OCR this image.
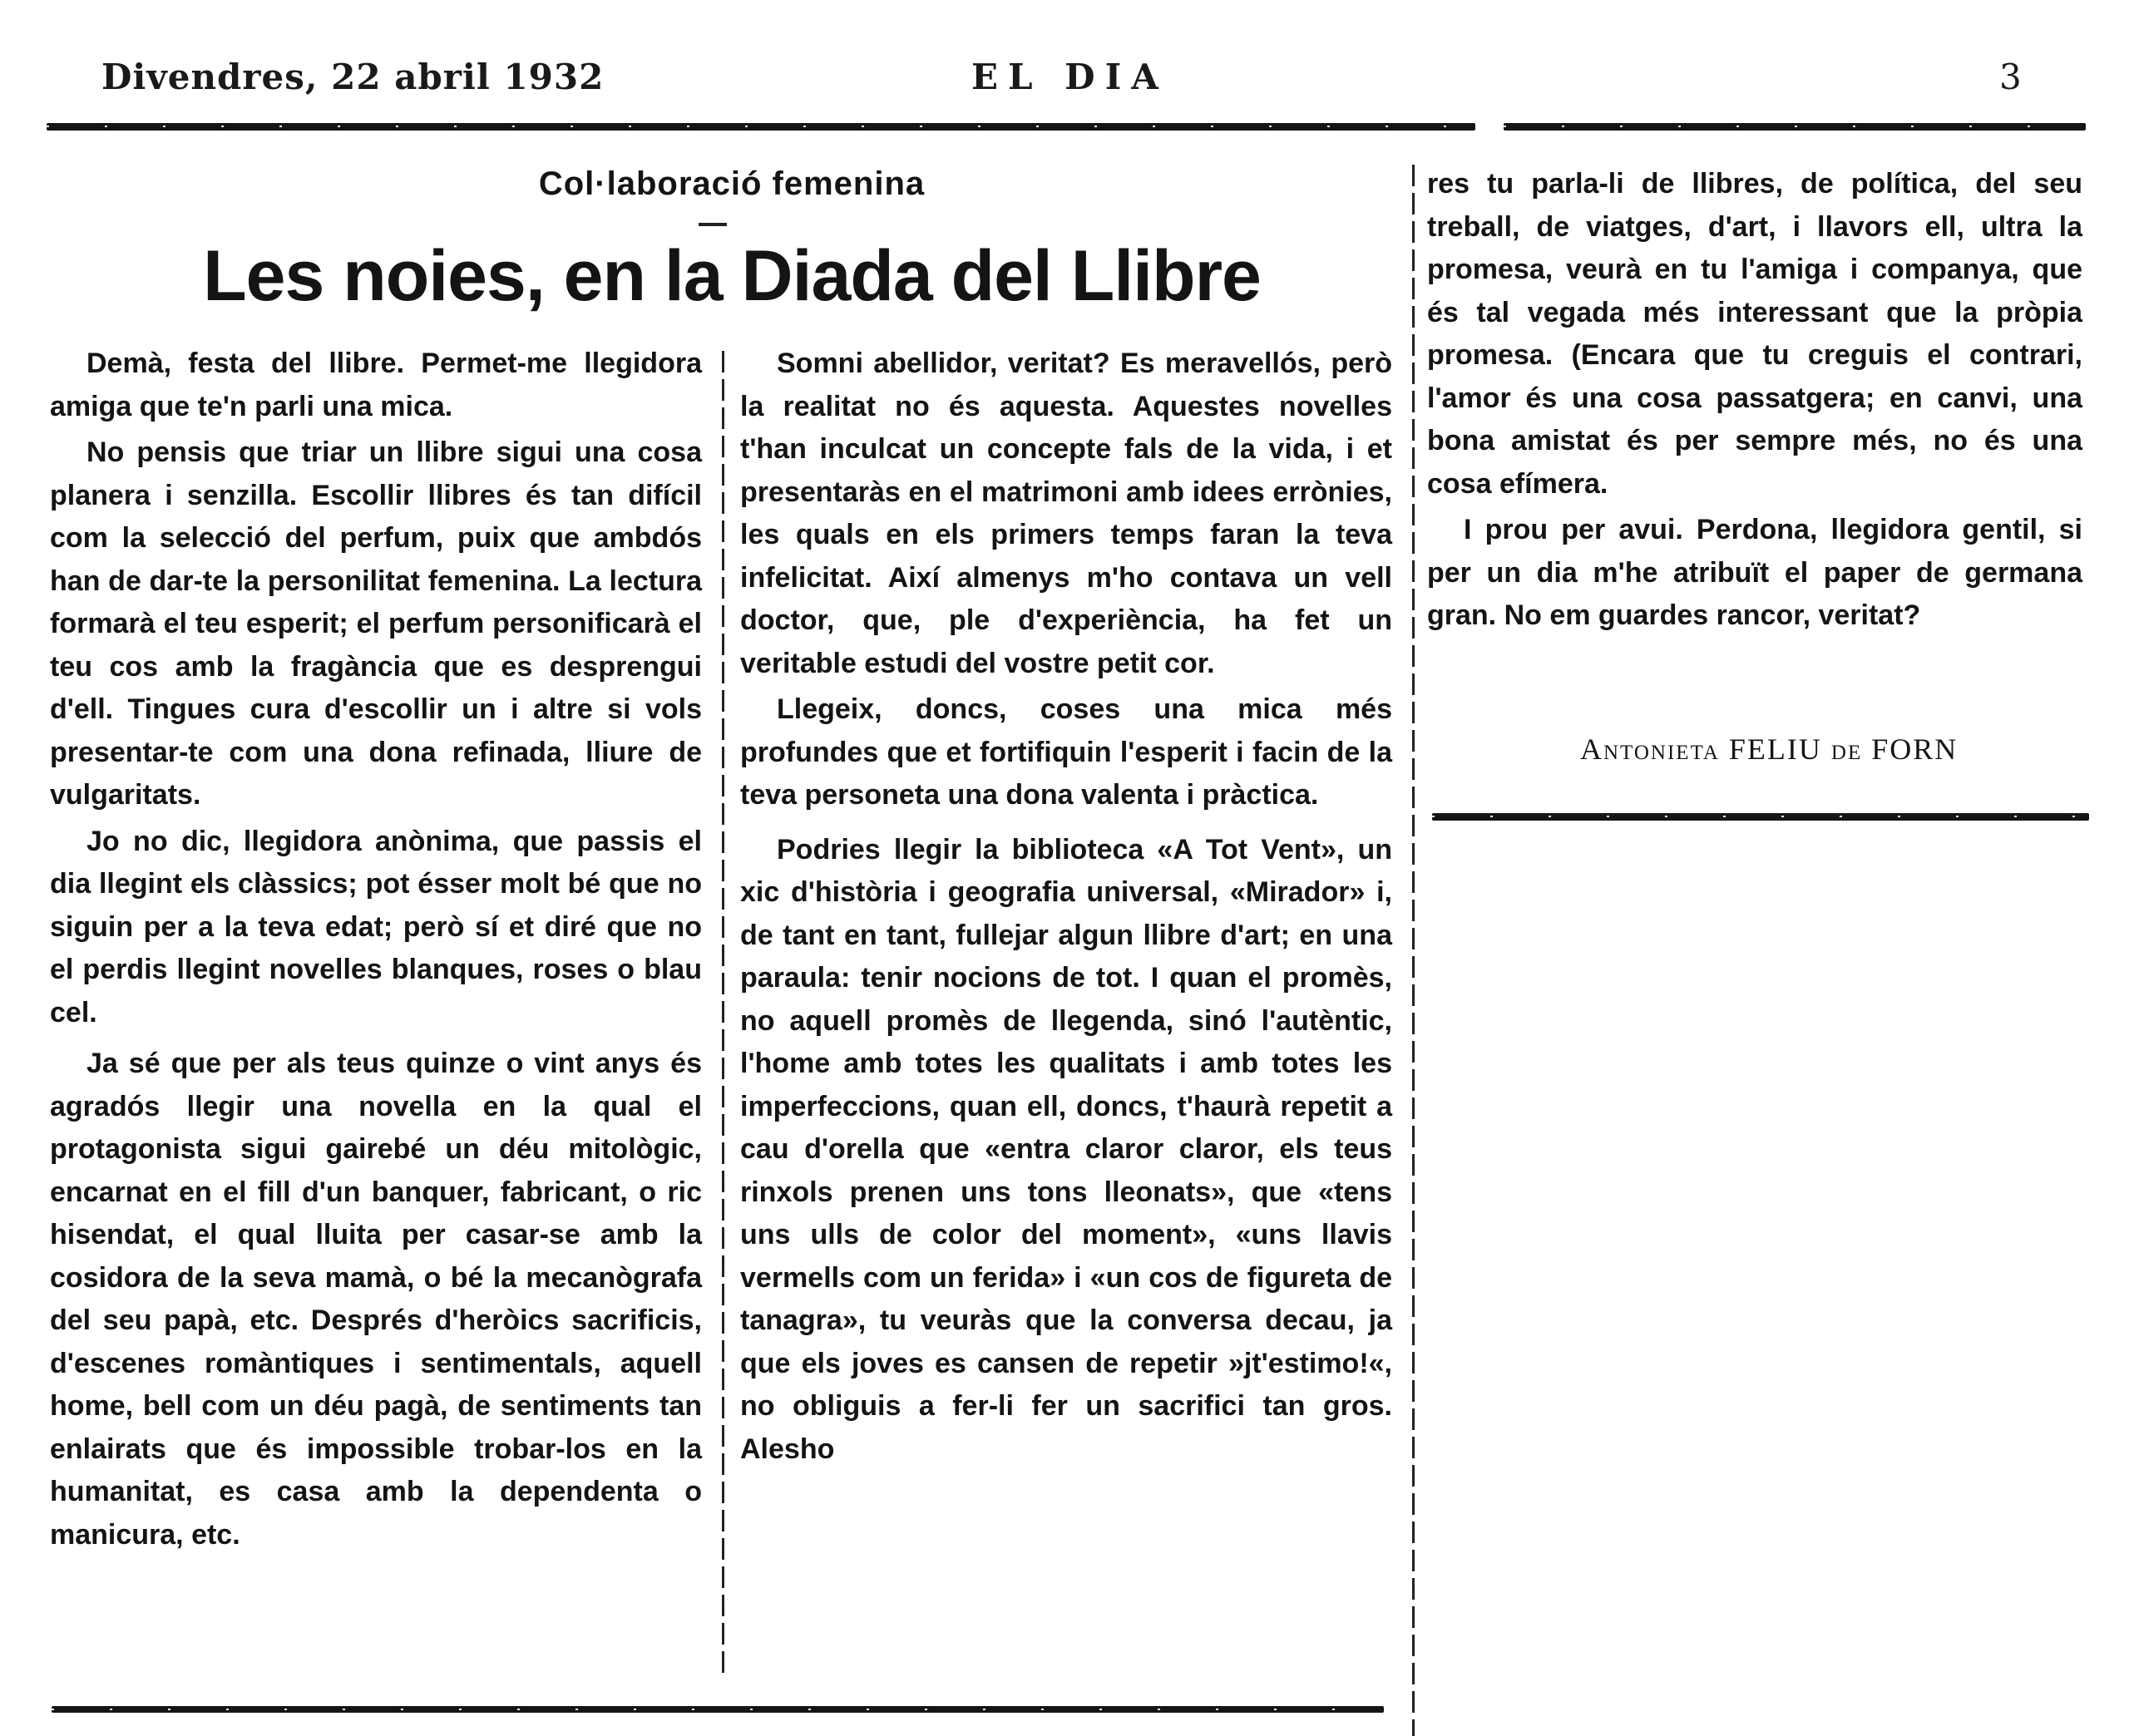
Divendres, 22 abril 1932	EL DIA	3
Col·laboració femenina
Les noies, en la Diada del Llibre

Demà, festa del llibre. Permet-me llegidora amiga que te'n parli una mica.

No pensis que triar un llibre sigui una cosa planera i senzilla. Escollir llibres és tan difícil com la selecció del perfum, puix que ambdós han de dar-te la personilitat femenina. La lectura formarà el teu esperit; el perfum personificarà el teu cos amb la fragància que es desprengui d'ell. Tingues cura d'escollir un i altre si vols presentar-te com una dona refinada, lliure de vulgaritats.

Jo no dic, llegidora anònima, que passis el dia llegint els clàssics; pot ésser molt bé que no siguin per a la teva edat; però sí et diré que no el perdis llegint novelles blanques, roses o blau cel.

Ja sé que per als teus quinze o vint anys és agradós llegir una novella en la qual el protagonista sigui gairebé un déu mitològic, encarnat en el fill d'un banquer, fabricant, o ric hisendat, el qual lluita per casar-se amb la cosidora de la seva mamà, o bé la mecanògrafa del seu papà, etc. Després d'heròics sacrificis, d'escenes romàntiques i sentimentals, aquell home, bell com un déu pagà, de sentiments tan enlairats que és impossible trobar-los en la humanitat, es casa amb la dependenta o manicura, etc.

Somni abellidor, veritat? Es meravellós, però la realitat no és aquesta. Aquestes novelles t'han inculcat un concepte fals de la vida, i et presentaràs en el matrimoni amb idees errònies, les quals en els primers temps faran la teva infelicitat. Així almenys m'ho contava un vell doctor, que, ple d'experiència, ha fet un veritable estudi del vostre petit cor.

Llegeix, doncs, coses una mica més profundes que et fortifiquin l'esperit i facin de la teva personeta una dona valenta i pràctica.

Podries llegir la biblioteca «A Tot Vent», un xic d'història i geografia universal, «Mirador» i, de tant en tant, fullejar algun llibre d'art; en una paraula: tenir nocions de tot. I quan el promès, no aquell promès de llegenda, sinó l'autèntic, l'home amb totes les qualitats i amb totes les imperfeccions, quan ell, doncs, t'haurà repetit a cau d'orella que «entra claror claror, els teus rinxols prenen uns tons lleonats», que «tens uns ulls de color del moment», «uns llavis vermells com un ferida» i «un cos de figureta de tanagra», tu veuràs que la conversa decau, ja que els joves es cansen de repetir »jt'estimo!«, no obliguis a fer-li fer un sacrifici tan gros. Alesho

res tu parla-li de llibres, de política, del seu treball, de viatges, d'art, i llavors ell, ultra la promesa, veurà en tu l'amiga i companya, que és tal vegada més interessant que la pròpia promesa. (Encara que tu creguis el contrari, l'amor és una cosa passatgera; en canvi, una bona amistat és per sempre més, no és una cosa efímera.

I prou per avui. Perdona, llegidora gentil, si per un dia m'he atribuït el paper de germana gran. No em guardes rancor, veritat?

Antonieta FELIU de FORN
